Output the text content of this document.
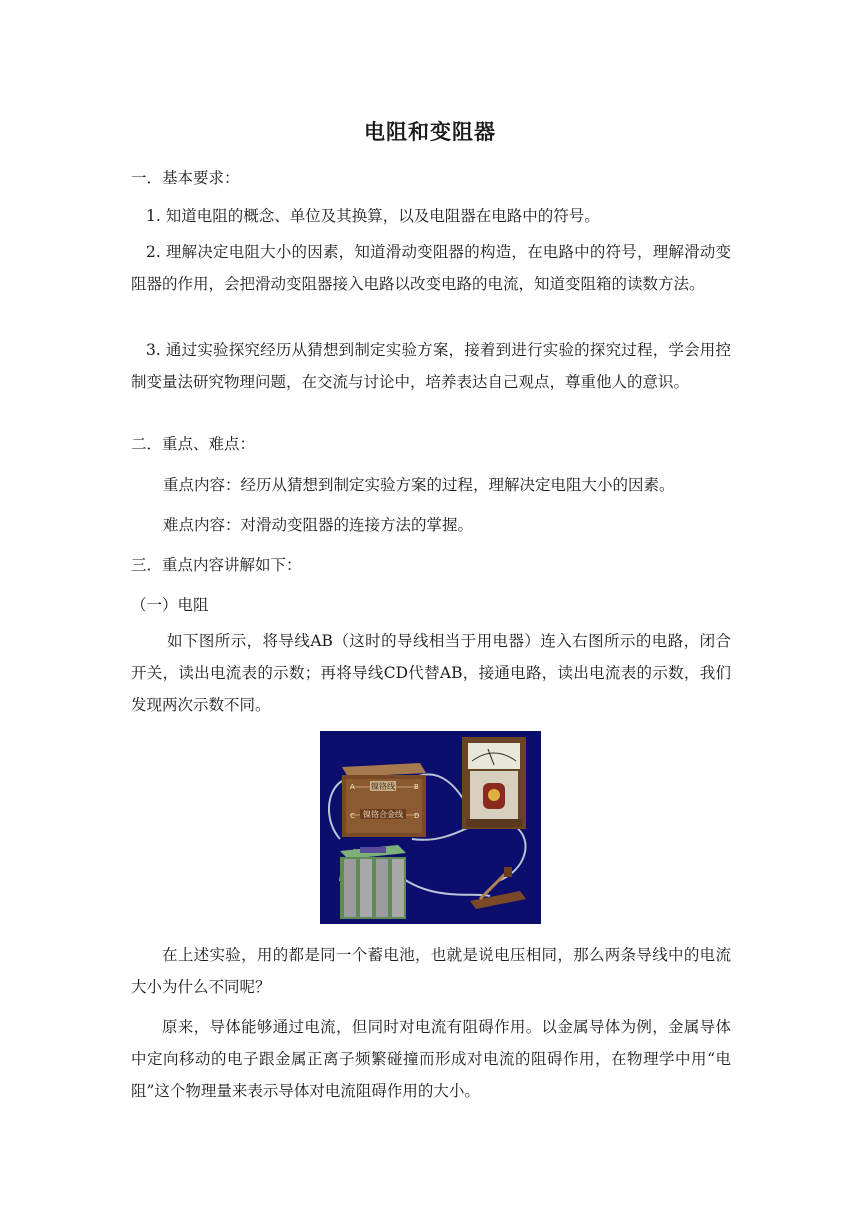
电阻和变阻器
一．基本要求：
1. 知道电阻的概念、单位及其换算，以及电阻器在电路中的符号。
2. 理解决定电阻大小的因素，知道滑动变阻器的构造，在电路中的符号，理解滑动变阻器的作用，会把滑动变阻器接入电路以改变电路的电流，知道变阻箱的读数方法。
3. 通过实验探究经历从猜想到制定实验方案，接着到进行实验的探究过程，学会用控制变量法研究物理问题，在交流与讨论中，培养表达自己观点，尊重他人的意识。
二．重点、难点：
重点内容：经历从猜想到制定实验方案的过程，理解决定电阻大小的因素。
难点内容：对滑动变阻器的连接方法的掌握。
三．重点内容讲解如下：
（一）电阻
如下图所示，将导线AB（这时的导线相当于用电器）连入右图所示的电路，闭合开关，读出电流表的示数；再将导线CD代替AB，接通电路，读出电流表的示数，我们发现两次示数不同。
镍铬线
镍铬合金线
A	B
C	D
在上述实验，用的都是同一个蓄电池，也就是说电压相同，那么两条导线中的电流大小为什么不同呢？
原来，导体能够通过电流，但同时对电流有阻碍作用。以金属导体为例，金属导体中定向移动的电子跟金属正离子频繁碰撞而形成对电流的阻碍作用，在物理学中用“电阻”这个物理量来表示导体对电流阻碍作用的大小。
